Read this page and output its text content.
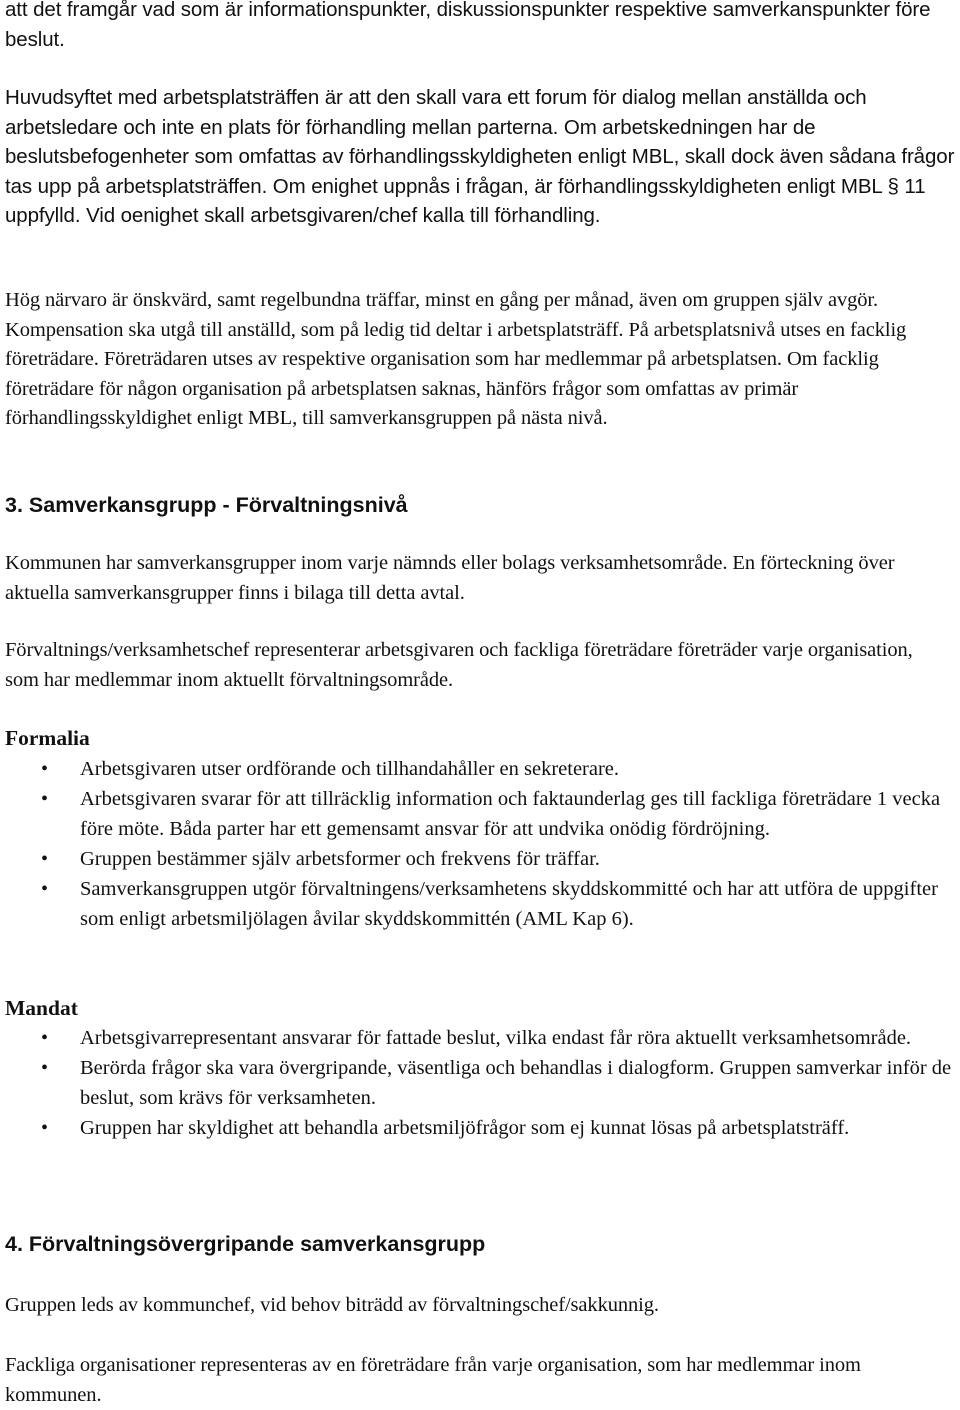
att det framgår vad som är informationspunkter, diskussionspunkter respektive samverkanspunkter före beslut.

Huvudsyftet med arbetsplatsträffen är att den skall vara ett forum för dialog mellan anställda och arbetsledare och inte en plats för förhandling mellan parterna. Om arbetskedningen har de beslutsbefogenheter som omfattas av förhandlingsskyldigheten enligt MBL, skall dock även sådana frågor tas upp på arbetsplatsträffen. Om enighet uppnås i frågan, är förhandlingsskyldigheten enligt MBL § 11 uppfylld. Vid oenighet skall arbetsgivaren/chef kalla till förhandling.

Hög närvaro är önskvärd, samt regelbundna träffar, minst en gång per månad, även om gruppen själv avgör. Kompensation ska utgå till anställd, som på ledig tid deltar i arbetsplatsträff. På arbetsplatsnivå utses en facklig företrädare. Företrädaren utses av respektive organisation som har medlemmar på arbetsplatsen. Om facklig företrädare för någon organisation på arbetsplatsen saknas, hänförs frågor som omfattas av primär förhandlingsskyldighet enligt MBL, till samverkansgruppen på nästa nivå.

3. Samverkansgrupp - Förvaltningsnivå

Kommunen har samverkansgrupper inom varje nämnds eller bolags verksamhetsområde. En förteckning över aktuella samverkansgrupper finns i bilaga till detta avtal.

Förvaltnings/verksamhetschef representerar arbetsgivaren och fackliga företrädare företräder varje organisation, som har medlemmar inom aktuellt förvaltningsområde.

Formalia
• Arbetsgivaren utser ordförande och tillhandahåller en sekreterare.
• Arbetsgivaren svarar för att tillräcklig information och faktaunderlag ges till fackliga företrädare 1 vecka före möte. Båda parter har ett gemensamt ansvar för att undvika onödig fördröjning.
• Gruppen bestämmer själv arbetsformer och frekvens för träffar.
• Samverkansgruppen utgör förvaltningens/verksamhetens skyddskommitté och har att utföra de uppgifter som enligt arbetsmiljölagen åvilar skyddskommittén (AML Kap 6).
Mandat
• Arbetsgivarrepresentant ansvarar för fattade beslut, vilka endast får röra aktuellt verksamhetsområde.
• Berörda frågor ska vara övergripande, väsentliga och behandlas i dialogform. Gruppen samverkar inför de beslut, som krävs för verksamheten.
• Gruppen har skyldighet att behandla arbetsmiljöfrågor som ej kunnat lösas på arbetsplatsträff.
4. Förvaltningsövergripande samverkansgrupp

Gruppen leds av kommunchef, vid behov biträdd av förvaltningschef/sakkunnig.

Fackliga organisationer representeras av en företrädare från varje organisation, som har medlemmar inom kommunen.
